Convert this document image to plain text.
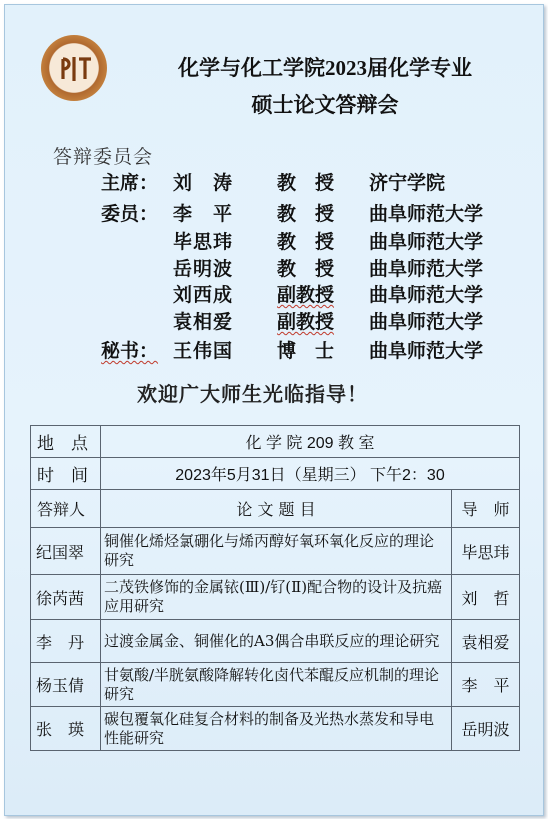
化学与化工学院2023届化学专业
硕士论文答辩会
答辩委员会
主席： 刘　涛 教　授 济宁学院
委员： 李　平 教　授 曲阜师范大学
毕思玮 教　授 曲阜师范大学
岳明波 教　授 曲阜师范大学
刘西成 副教授 曲阜师范大学
袁相爱 副教授 曲阜师范大学
秘书： 王伟国 博　士 曲阜师范大学
欢迎广大师生光临指导！
地　点	化 学 院 209 教 室	
时　间	2023年5月31日（星期三） 下午2：30	
答辩人	论 文 题 目	导　师
纪国翠	铜催化烯烃氯硼化与烯丙醇好氧环氧化反应的理论研究	毕思玮
徐芮茜	二茂铁修饰的金属铱(Ⅲ)/钌(Ⅱ)配合物的设计及抗癌应用研究	刘　哲
李　丹	过渡金属金、铜催化的A3偶合串联反应的理论研究	袁相爱
杨玉倩	甘氨酸/半胱氨酸降解转化卤代苯醌反应机制的理论研究	李　平
张　瑛	碳包覆氧化硅复合材料的制备及光热水蒸发和导电性能研究	岳明波
